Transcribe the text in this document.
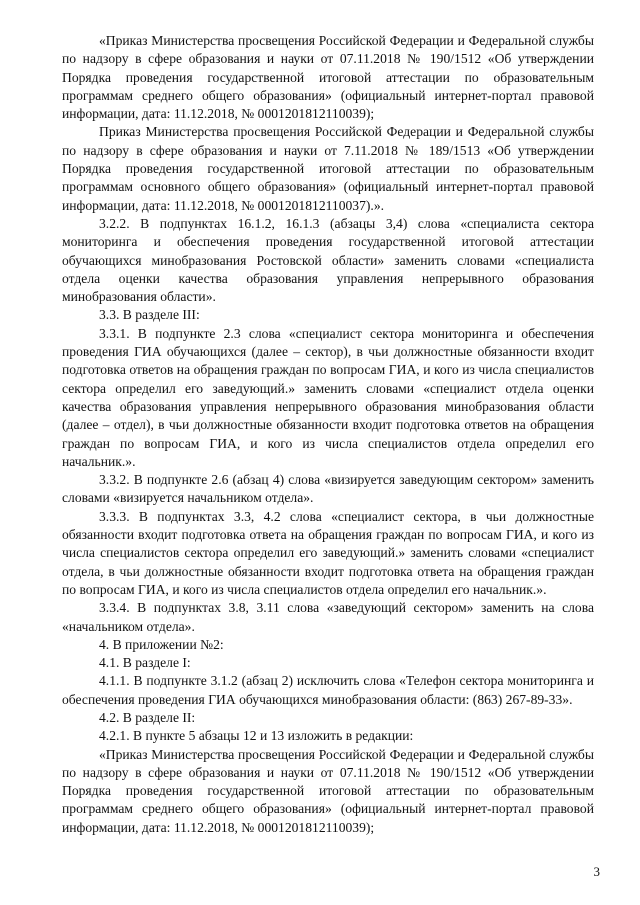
«Приказ Министерства просвещения Российской Федерации и Федеральной службы по надзору в сфере образования и науки от 07.11.2018 № 190/1512 «Об утверждении Порядка проведения государственной итоговой аттестации по образовательным программам среднего общего образования» (официальный интернет-портал правовой информации, дата: 11.12.2018, № 0001201812110039);

Приказ Министерства просвещения Российской Федерации и Федеральной службы по надзору в сфере образования и науки от 7.11.2018 № 189/1513 «Об утверждении Порядка проведения государственной итоговой аттестации по образовательным программам основного общего образования» (официальный интернет-портал правовой информации, дата: 11.12.2018, № 0001201812110037).».

3.2.2. В подпунктах 16.1.2, 16.1.3 (абзацы 3,4) слова «специалиста сектора мониторинга и обеспечения проведения государственной итоговой аттестации обучающихся минобразования Ростовской области» заменить словами «специалиста отдела оценки качества образования управления непрерывного образования минобразования области».

3.3. В разделе III:

3.3.1. В подпункте 2.3 слова «специалист сектора мониторинга и обеспечения проведения ГИА обучающихся (далее – сектор), в чьи должностные обязанности входит подготовка ответов на обращения граждан по вопросам ГИА, и кого из числа специалистов сектора определил его заведующий.» заменить словами «специалист отдела оценки качества образования управления непрерывного образования минобразования области (далее – отдел), в чьи должностные обязанности входит подготовка ответов на обращения граждан по вопросам ГИА, и кого из числа специалистов отдела определил его начальник.».

3.3.2. В подпункте 2.6 (абзац 4) слова «визируется заведующим сектором» заменить словами «визируется начальником отдела».

3.3.3. В подпунктах 3.3, 4.2 слова «специалист сектора, в чьи должностные обязанности входит подготовка ответа на обращения граждан по вопросам ГИА, и кого из числа специалистов сектора определил его заведующий.» заменить словами «специалист отдела, в чьи должностные обязанности входит подготовка ответа на обращения граждан по вопросам ГИА, и кого из числа специалистов отдела определил его начальник.».

3.3.4. В подпунктах 3.8, 3.11 слова «заведующий сектором» заменить на слова «начальником отдела».

4. В приложении №2:

4.1. В разделе I:

4.1.1. В подпункте 3.1.2 (абзац 2) исключить слова «Телефон сектора мониторинга и обеспечения проведения ГИА обучающихся минобразования области: (863) 267-89-33».

4.2. В разделе II:

4.2.1. В пункте 5 абзацы 12 и 13 изложить в редакции:

«Приказ Министерства просвещения Российской Федерации и Федеральной службы по надзору в сфере образования и науки от 07.11.2018 № 190/1512 «Об утверждении Порядка проведения государственной итоговой аттестации по образовательным программам среднего общего образования» (официальный интернет-портал правовой информации, дата: 11.12.2018, № 0001201812110039);

3
